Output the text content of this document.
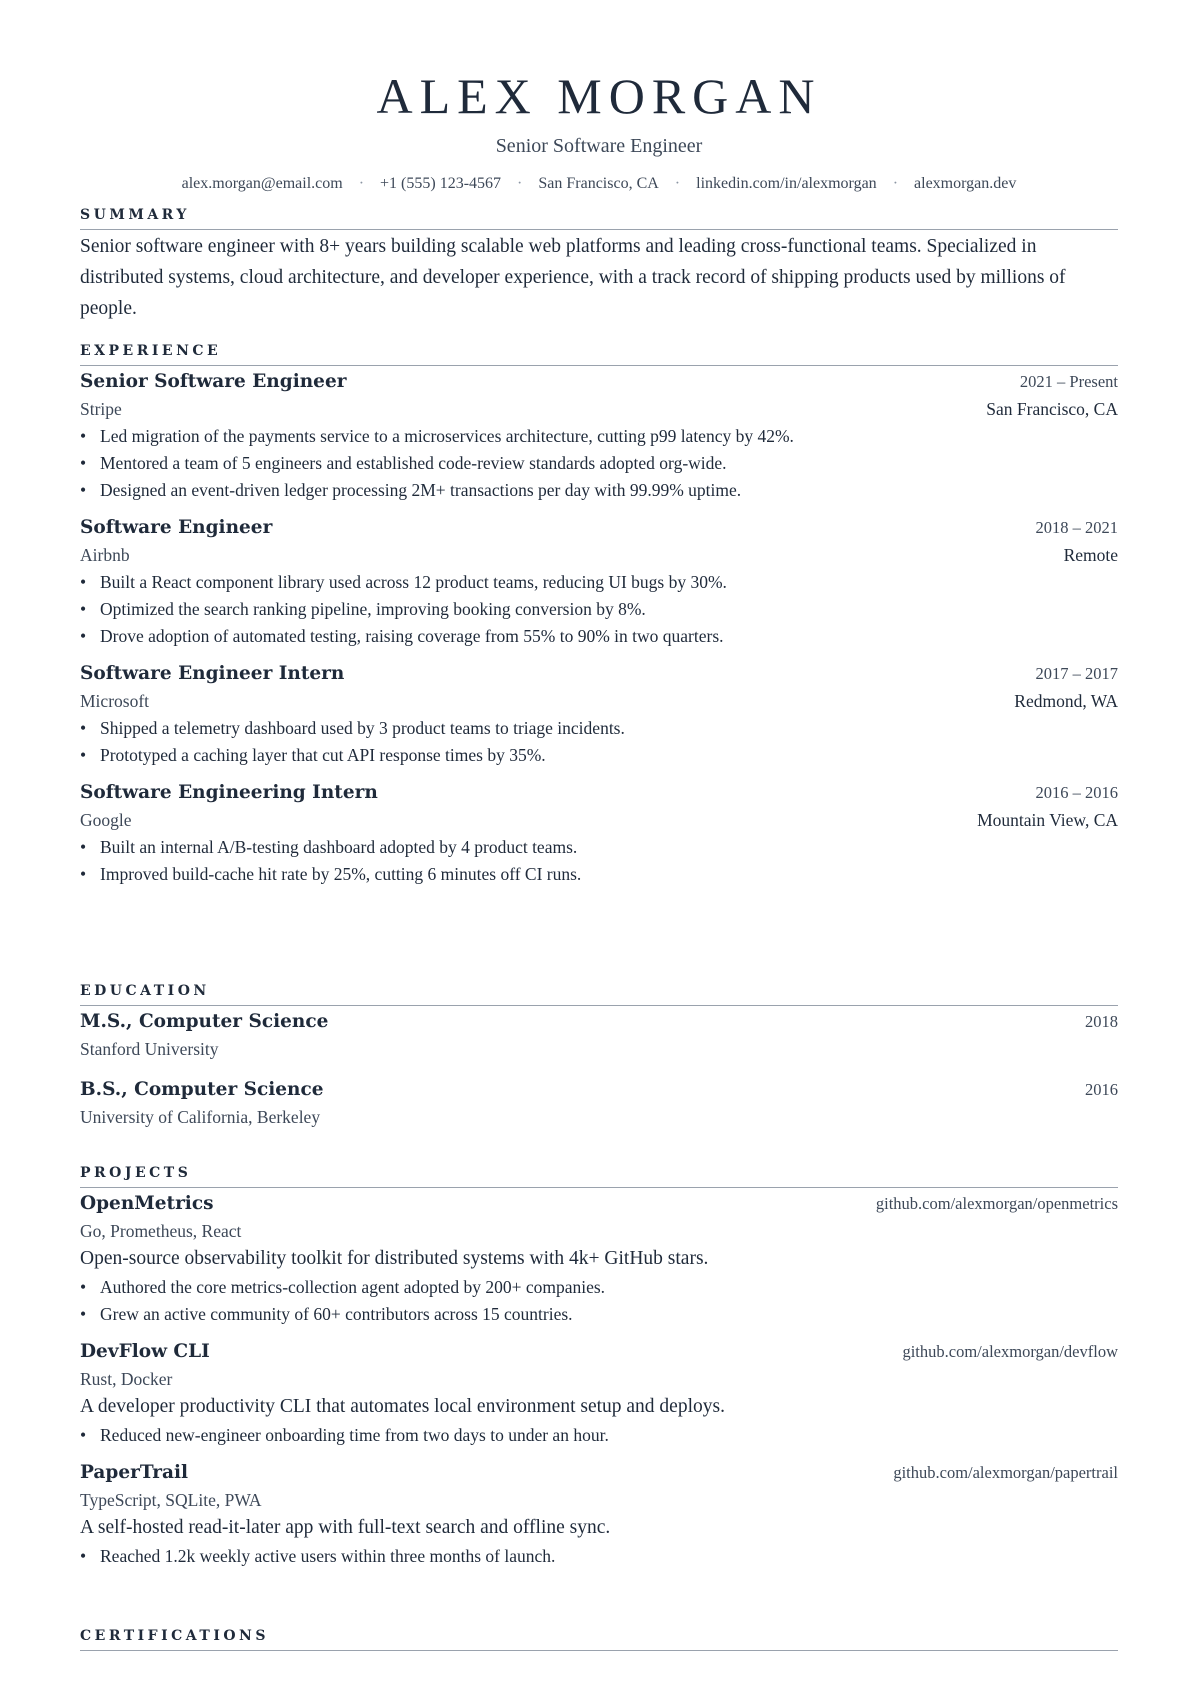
ALEX MORGAN
Senior Software Engineer
alex.morgan@email.com · +1 (555) 123-4567 · San Francisco, CA · linkedin.com/in/alexmorgan · alexmorgan.dev
SUMMARY
Senior software engineer with 8+ years building scalable web platforms and leading cross-functional teams. Specialized in distributed systems, cloud architecture, and developer experience, with a track record of shipping products used by millions of people.
EXPERIENCE
Senior Software Engineer	2021 – Present
Stripe	San Francisco, CA
• Led migration of the payments service to a microservices architecture, cutting p99 latency by 42%.
• Mentored a team of 5 engineers and established code-review standards adopted org-wide.
• Designed an event-driven ledger processing 2M+ transactions per day with 99.99% uptime.
Software Engineer	2018 – 2021
Airbnb	Remote
• Built a React component library used across 12 product teams, reducing UI bugs by 30%.
• Optimized the search ranking pipeline, improving booking conversion by 8%.
• Drove adoption of automated testing, raising coverage from 55% to 90% in two quarters.
Software Engineer Intern	2017 – 2017
Microsoft	Redmond, WA
• Shipped a telemetry dashboard used by 3 product teams to triage incidents.
• Prototyped a caching layer that cut API response times by 35%.
Software Engineering Intern	2016 – 2016
Google	Mountain View, CA
• Built an internal A/B-testing dashboard adopted by 4 product teams.
• Improved build-cache hit rate by 25%, cutting 6 minutes off CI runs.
EDUCATION
M.S., Computer Science	2018
Stanford University
B.S., Computer Science	2016
University of California, Berkeley
PROJECTS
OpenMetrics	github.com/alexmorgan/openmetrics
Go, Prometheus, React
Open-source observability toolkit for distributed systems with 4k+ GitHub stars.
• Authored the core metrics-collection agent adopted by 200+ companies.
• Grew an active community of 60+ contributors across 15 countries.
DevFlow CLI	github.com/alexmorgan/devflow
Rust, Docker
A developer productivity CLI that automates local environment setup and deploys.
• Reduced new-engineer onboarding time from two days to under an hour.
PaperTrail	github.com/alexmorgan/papertrail
TypeScript, SQLite, PWA
A self-hosted read-it-later app with full-text search and offline sync.
• Reached 1.2k weekly active users within three months of launch.
CERTIFICATIONS
